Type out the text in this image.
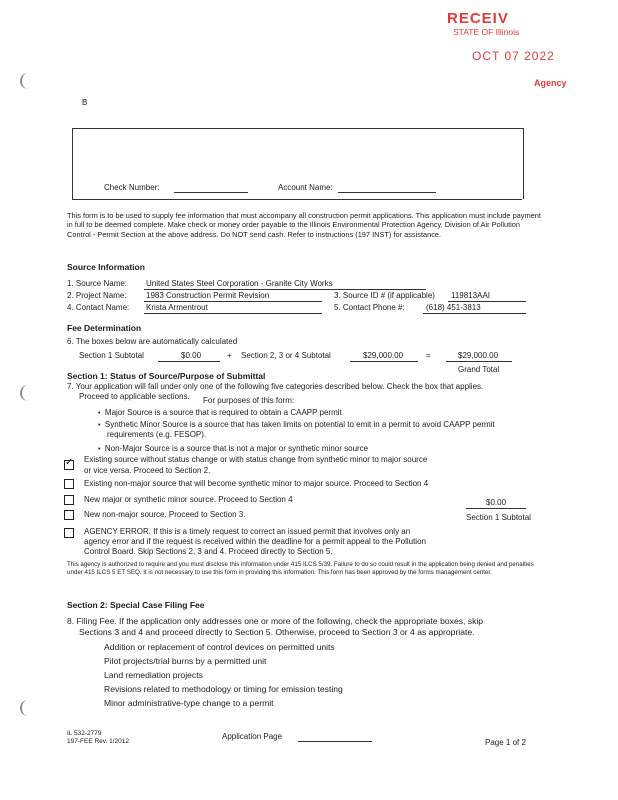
RECEIV
STATE OF Illinois
OCT 07 2022
Agency
B
Check Number:	Account Name:
This form is to be used to supply fee information that must accompany all construction permit applications. This application must include payment in full to be deemed complete. Make check or money order payable to the Illinois Environmental Protection Agency, Division of Air Pollution Control - Permit Section at the above address. Do NOT send cash. Refer to instructions (197 INST) for assistance.
Source Information
1. Source Name: United States Steel Corporation - Granite City Works
2. Project Name: 1983 Construction Permit Revision	3. Source ID # (if applicable) 119813AAI
4. Contact Name: Krista Armentrout	5. Contact Phone #:	(618) 451-3813
Fee Determination
6. The boxes below are automatically calculated
Section 1 Subtotal	$0.00	+ Section 2, 3 or 4 Subtotal	$29,000.00	=	$29,000.00
Grand Total
Section 1: Status of Source/Purpose of Submittal
7. Your application will fall under only one of the following five categories described below. Check the box that applies.
Proceed to applicable sections. For purposes of this form:
• Major Source is a source that is required to obtain a CAAPP permit
• Synthetic Minor Source is a source that has taken limits on potential to emit in a permit to avoid CAAPP permit
requirements (e.g. FESOP).
• Non-Major Source is a source that is not a major or synthetic minor source
✓ Existing source without status change or with status change from synthetic minor to major source
or vice versa. Proceed to Section 2.
Existing non-major source that will become synthetic minor to major source. Proceed to Section 4
New major or synthetic minor source. Proceed to Section 4	$0.00
New non-major source. Proceed to Section 3.	Section 1 Subtotal
AGENCY ERROR. If this is a timely request to correct an issued permit that involves only an
agency error and if the request is received within the deadline for a permit appeal to the Pollution
Control Board. Skip Sections 2, 3 and 4. Proceed directly to Section 5.
This agency is authorized to require and you must disclose this information under 415 ILCS 5/39. Failure to do so could result in the application being denied and penalties under 415 ILCS 5 ET SEQ. It is not necessary to use this form in providing this information. This form has been approved by the forms management center.
Section 2: Special Case Filing Fee
8. Filing Fee. If the application only addresses one or more of the following, check the appropriate boxes, skip
Sections 3 and 4 and proceed directly to Section 5. Otherwise, proceed to Section 3 or 4 as appropriate.
Addition or replacement of control devices on permitted units
Pilot projects/trial burns by a permitted unit
Land remediation projects
Revisions related to methodology or timing for emission testing
Minor administrative-type change to a permit
IL 532-2779
197-FEE Rev. 1/2012
Application Page
Page 1 of 2
